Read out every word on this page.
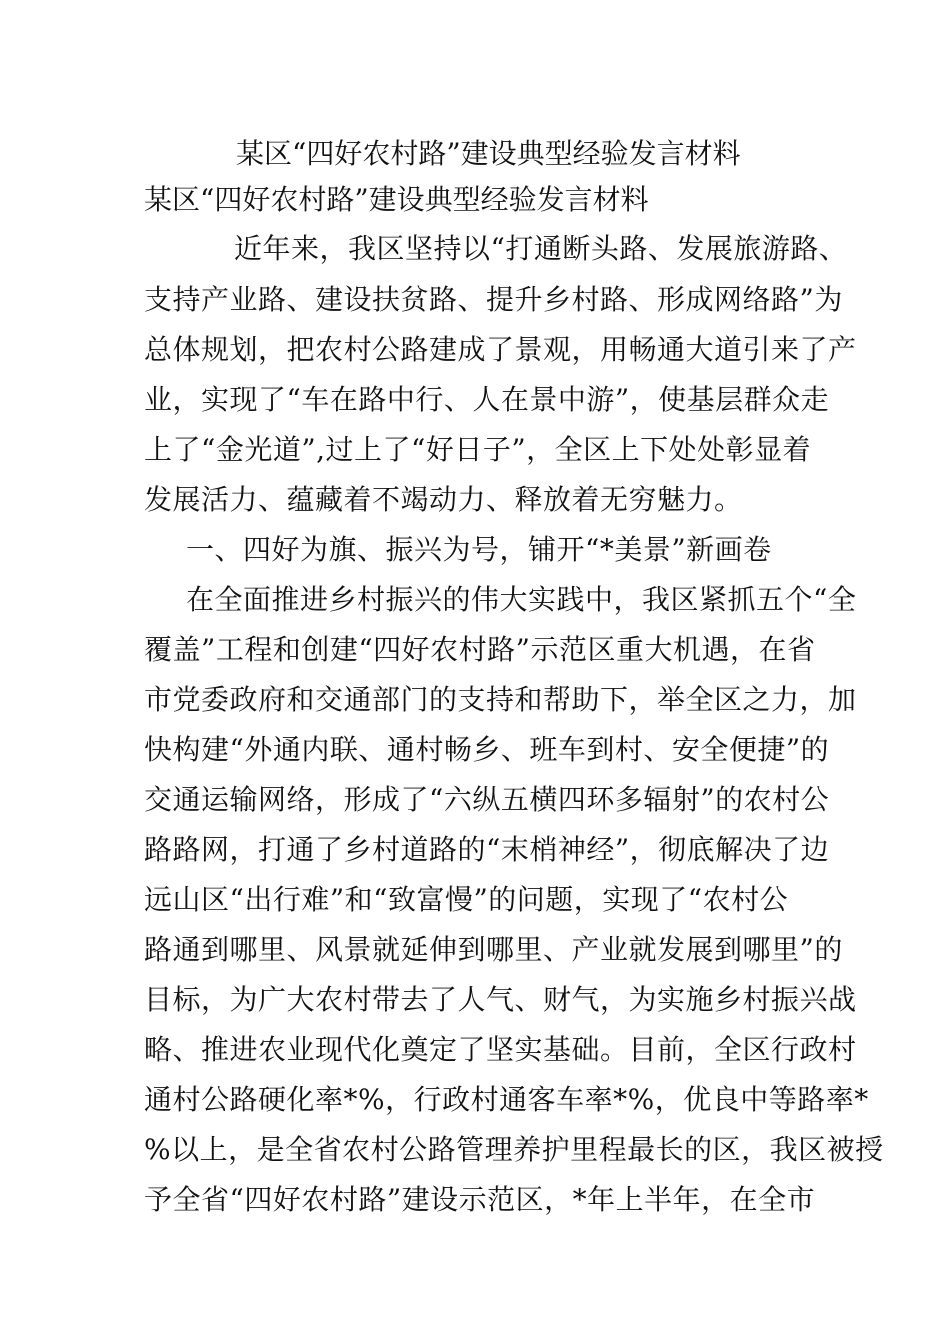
某区“四好农村路”建设典型经验发言材料
某区“四好农村路”建设典型经验发言材料
近年来，我区坚持以“打通断头路、发展旅游路、
支持产业路、建设扶贫路、提升乡村路、形成网络路”为
总体规划，把农村公路建成了景观，用畅通大道引来了产
业，实现了“车在路中行、人在景中游”，使基层群众走
上了“金光道”,过上了“好日子”，全区上下处处彰显着
发展活力、蕴藏着不竭动力、释放着无穷魅力。
一、四好为旗、振兴为号，铺开“*美景”新画卷
在全面推进乡村振兴的伟大实践中，我区紧抓五个“全
覆盖”工程和创建“四好农村路”示范区重大机遇，在省
市党委政府和交通部门的支持和帮助下，举全区之力，加
快构建“外通内联、通村畅乡、班车到村、安全便捷”的
交通运输网络，形成了“六纵五横四环多辐射”的农村公
路路网，打通了乡村道路的“末梢神经”，彻底解决了边
远山区“出行难”和“致富慢”的问题，实现了“农村公
路通到哪里、风景就延伸到哪里、产业就发展到哪里”的
目标，为广大农村带去了人气、财气，为实施乡村振兴战
略、推进农业现代化奠定了坚实基础。目前，全区行政村
通村公路硬化率*%，行政村通客车率*%，优良中等路率*
%以上，是全省农村公路管理养护里程最长的区，我区被授
予全省“四好农村路”建设示范区，*年上半年，在全市
